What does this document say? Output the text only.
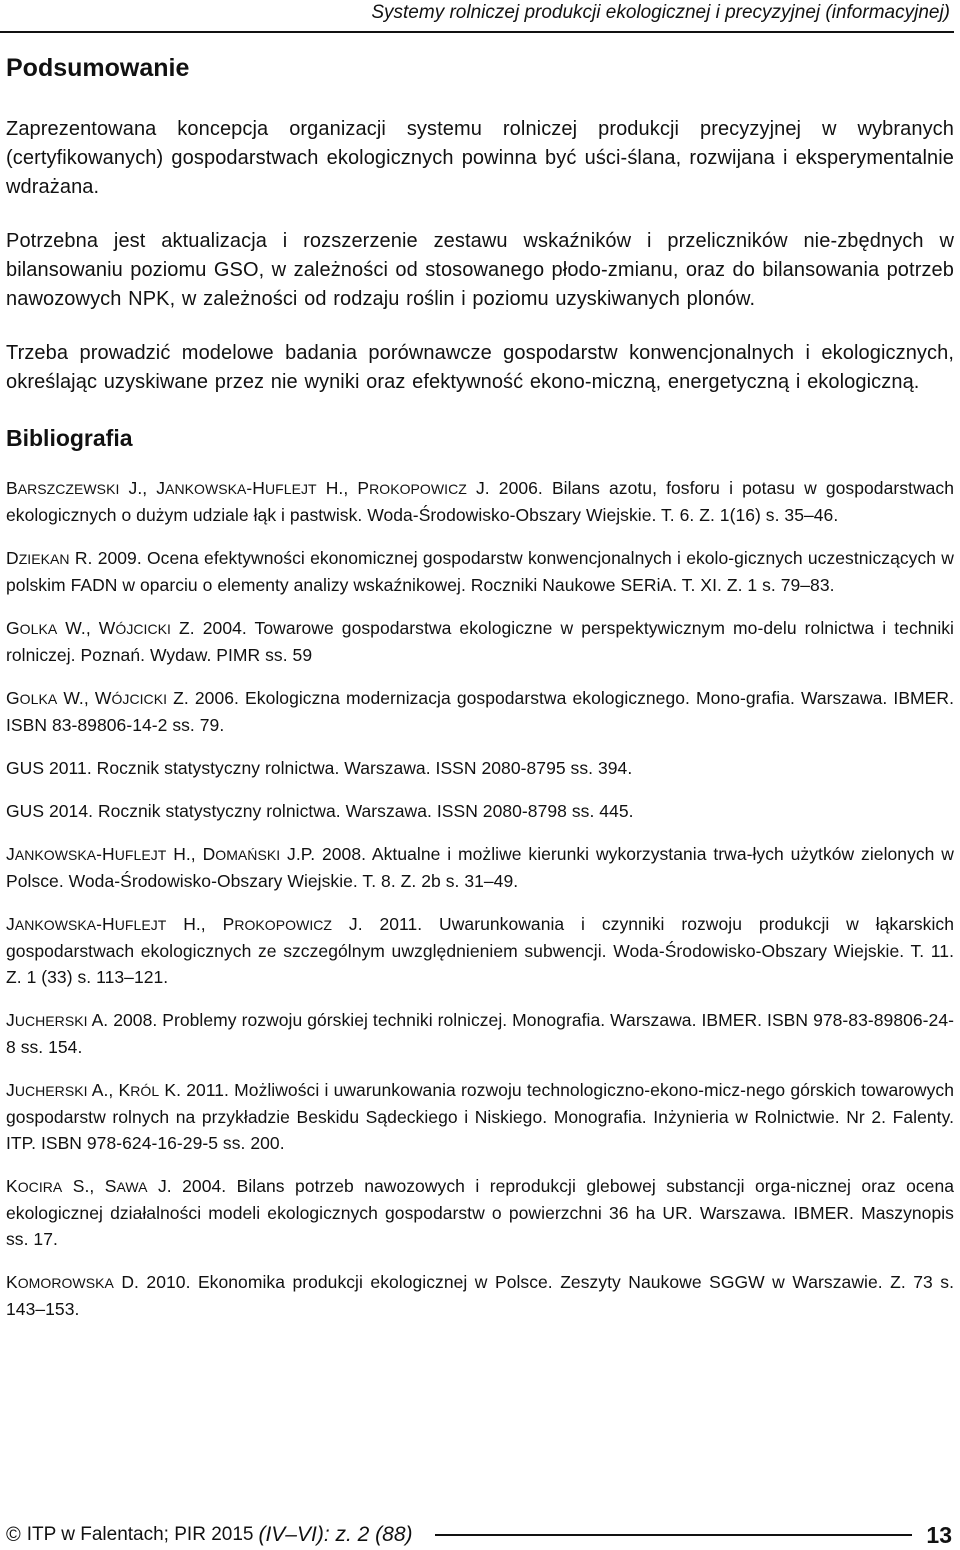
Systemy rolniczej produkcji ekologicznej i precyzyjnej (informacyjnej)
Podsumowanie

Zaprezentowana koncepcja organizacji systemu rolniczej produkcji precyzyjnej w wybranych (certyfikowanych) gospodarstwach ekologicznych powinna być uści-ślana, rozwijana i eksperymentalnie wdrażana.

Potrzebna jest aktualizacja i rozszerzenie zestawu wskaźników i przeliczników nie-zbędnych w bilansowaniu poziomu GSO, w zależności od stosowanego płodo-zmianu, oraz do bilansowania potrzeb nawozowych NPK, w zależności od rodzaju roślin i poziomu uzyskiwanych plonów.

Trzeba prowadzić modelowe badania porównawcze gospodarstw konwencjonalnych i ekologicznych, określając uzyskiwane przez nie wyniki oraz efektywność ekono-miczną, energetyczną i ekologiczną.

Bibliografia

BARSZCZEWSKI J., JANKOWSKA-HUFLEJT H., PROKOPOWICZ J. 2006. Bilans azotu, fosforu i potasu w gospodarstwach ekologicznych o dużym udziale łąk i pastwisk. Woda-Środowisko-Obszary Wiejskie. T. 6. Z. 1(16) s. 35–46.

DZIEKAN R. 2009. Ocena efektywności ekonomicznej gospodarstw konwencjonalnych i ekolo-gicznych uczestniczących w polskim FADN w oparciu o elementy analizy wskaźnikowej. Roczniki Naukowe SERiA. T. XI. Z. 1 s. 79–83.

GOLKA W., WÓJCICKI Z. 2004. Towarowe gospodarstwa ekologiczne w perspektywicznym mo-delu rolnictwa i techniki rolniczej. Poznań. Wydaw. PIMR ss. 59

GOLKA W., WÓJCICKI Z. 2006. Ekologiczna modernizacja gospodarstwa ekologicznego. Mono-grafia. Warszawa. IBMER. ISBN 83-89806-14-2 ss. 79.

GUS 2011. Rocznik statystyczny rolnictwa. Warszawa. ISSN 2080-8795 ss. 394.

GUS 2014. Rocznik statystyczny rolnictwa. Warszawa. ISSN 2080-8798 ss. 445.

JANKOWSKA-HUFLEJT H., DOMAŃSKI J.P. 2008. Aktualne i możliwe kierunki wykorzystania trwa-łych użytków zielonych w Polsce. Woda-Środowisko-Obszary Wiejskie. T. 8. Z. 2b s. 31–49.

JANKOWSKA-HUFLEJT H., PROKOPOWICZ J. 2011. Uwarunkowania i czynniki rozwoju produkcji w łąkarskich gospodarstwach ekologicznych ze szczególnym uwzględnieniem subwencji. Woda-Środowisko-Obszary Wiejskie. T. 11. Z. 1 (33) s. 113–121.

JUCHERSKI A. 2008. Problemy rozwoju górskiej techniki rolniczej. Monografia. Warszawa. IBMER. ISBN 978-83-89806-24-8 ss. 154.

JUCHERSKI A., KRÓL K. 2011. Możliwości i uwarunkowania rozwoju technologiczno-ekono-micz-nego górskich towarowych gospodarstw rolnych na przykładzie Beskidu Sądeckiego i Niskiego. Monografia. Inżynieria w Rolnictwie. Nr 2. Falenty. ITP. ISBN 978-624-16-29-5 ss. 200.

KOCIRA S., SAWA J. 2004. Bilans potrzeb nawozowych i reprodukcji glebowej substancji orga-nicznej oraz ocena ekologicznej działalności modeli ekologicznych gospodarstw o powierzchni 36 ha UR. Warszawa. IBMER. Maszynopis ss. 17.

KOMOROWSKA D. 2010. Ekonomika produkcji ekologicznej w Polsce. Zeszyty Naukowe SGGW w Warszawie. Z. 73 s. 143–153.

© ITP w Falentach; PIR 2015 (IV–VI): z. 2 (88)	13
